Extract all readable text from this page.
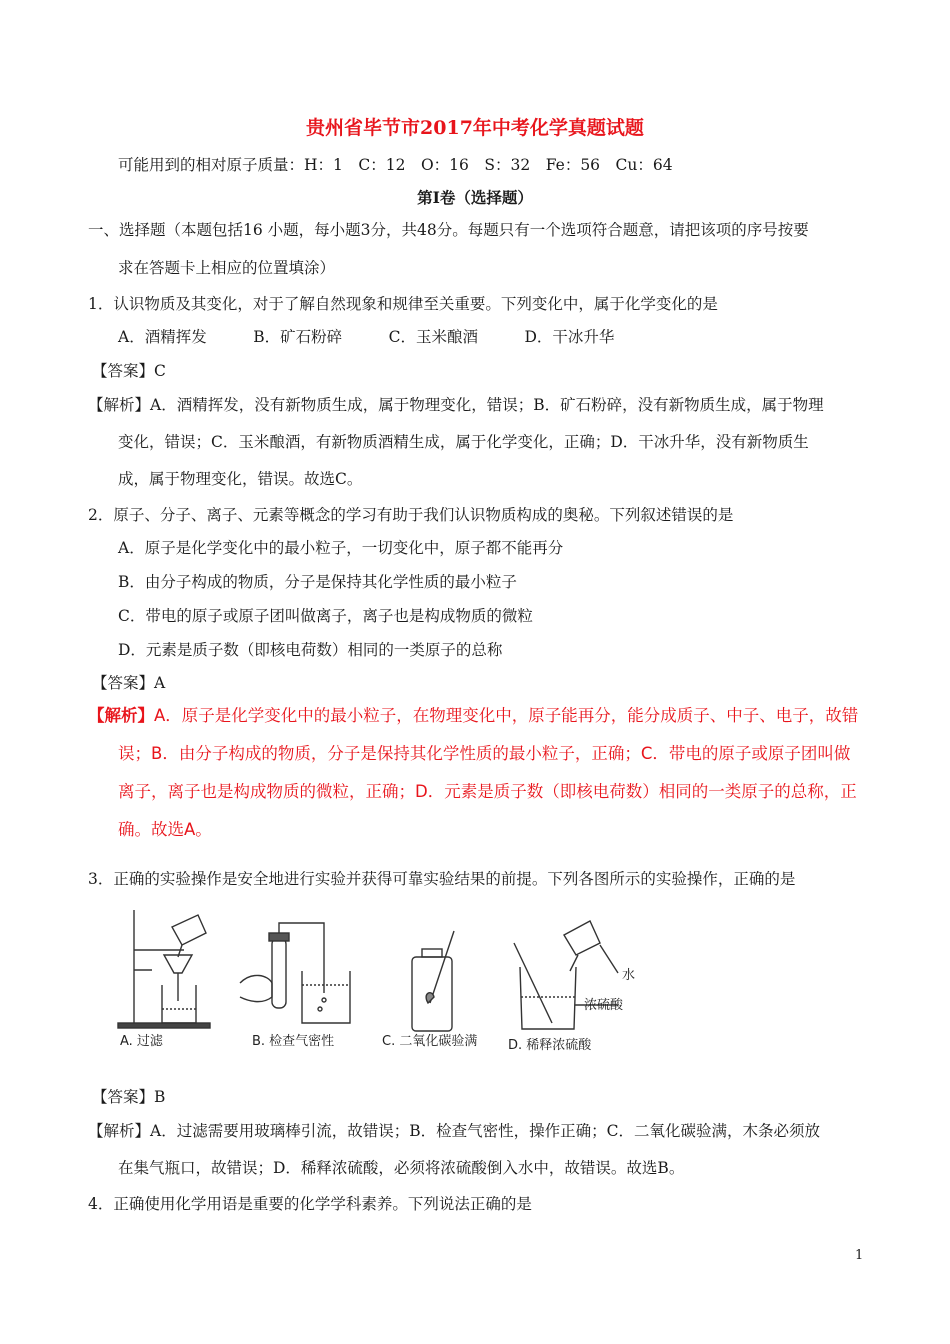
贵州省毕节市2017年中考化学真题试题
可能用到的相对原子质量：H：1　C：12　O：16　S：32　Fe：56　Cu：64
第Ⅰ卷（选择题）
一、选择题（本题包括16 小题，每小题3分，共48分。每题只有一个选项符合题意，请把该项的序号按要
求在答题卡上相应的位置填涂）
1．认识物质及其变化，对于了解自然现象和规律至关重要。下列变化中，属于化学变化的是
A．酒精挥发　　　B．矿石粉碎　　　C．玉米酿酒　　　D．干冰升华
【答案】C
【解析】A．酒精挥发，没有新物质生成，属于物理变化，错误；B．矿石粉碎，没有新物质生成，属于物理
变化，错误；C．玉米酿酒，有新物质酒精生成，属于化学变化，正确；D．干冰升华，没有新物质生
成，属于物理变化，错误。故选C。
2．原子、分子、离子、元素等概念的学习有助于我们认识物质构成的奥秘。下列叙述错误的是
A．原子是化学变化中的最小粒子，一切变化中，原子都不能再分
B．由分子构成的物质，分子是保持其化学性质的最小粒子
C．带电的原子或原子团叫做离子，离子也是构成物质的微粒
D．元素是质子数（即核电荷数）相同的一类原子的总称
【答案】A
【解析】A．原子是化学变化中的最小粒子，在物理变化中，原子能再分，能分成质子、中子、电子，故错
误；B．由分子构成的物质，分子是保持其化学性质的最小粒子，正确；C．带电的原子或原子团叫做
离子，离子也是构成物质的微粒，正确；D．元素是质子数（即核电荷数）相同的一类原子的总称，正
确。故选A。
3．正确的实验操作是安全地进行实验并获得可靠实验结果的前提。下列各图所示的实验操作，正确的是
A. 过滤	B. 检查气密性	C. 二氧化碳验满
水
浓硫酸
D. 稀释浓硫酸
【答案】B
【解析】A．过滤需要用玻璃棒引流，故错误；B．检查气密性，操作正确；C．二氧化碳验满，木条必须放
在集气瓶口，故错误；D．稀释浓硫酸，必须将浓硫酸倒入水中，故错误。故选B。
4．正确使用化学用语是重要的化学学科素养。下列说法正确的是
1
